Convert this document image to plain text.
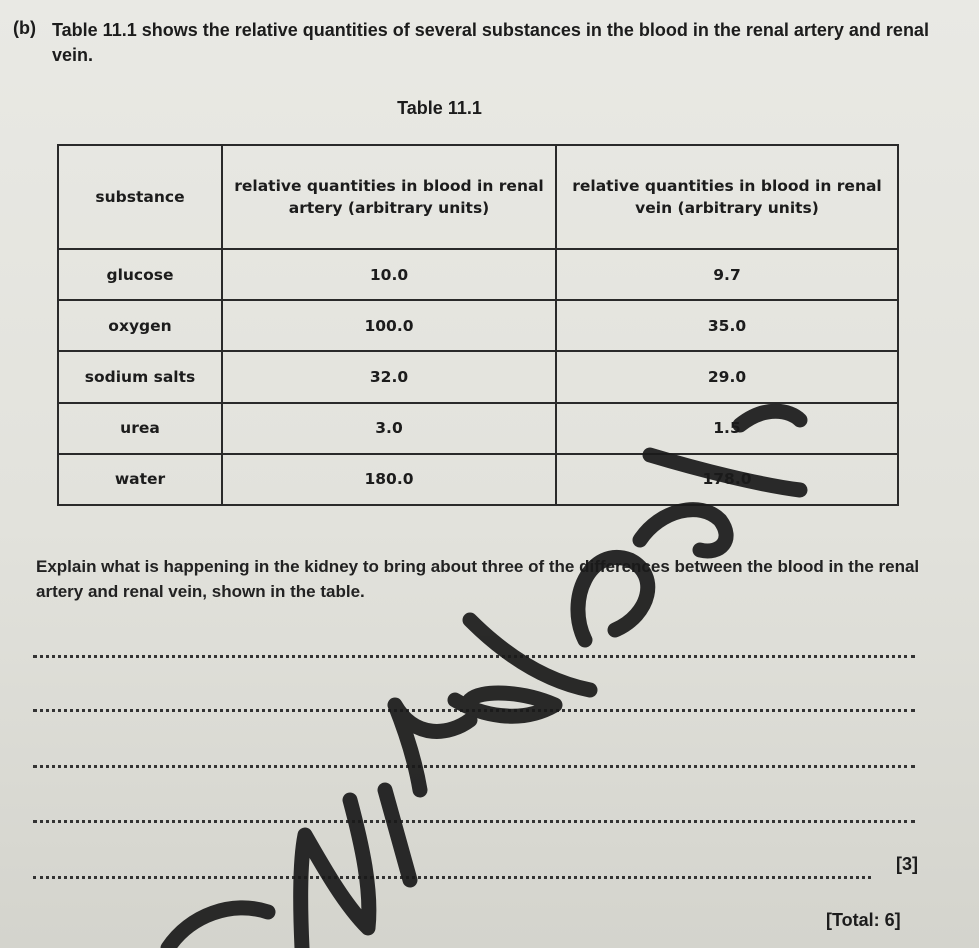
(b) Table 11.1 shows the relative quantities of several substances in the blood in the renal artery and renal vein.
Table 11.1
substance	relative quantities in blood in renal artery (arbitrary units)	relative quantities in blood in renal vein (arbitrary units)
glucose	10.0	9.7
oxygen	100.0	35.0
sodium salts	32.0	29.0
urea	3.0	1.5
water	180.0	178.0
Explain what is happening in the kidney to bring about three of the differences between the blood in the renal artery and renal vein, shown in the table.
[3]
[Total: 6]
